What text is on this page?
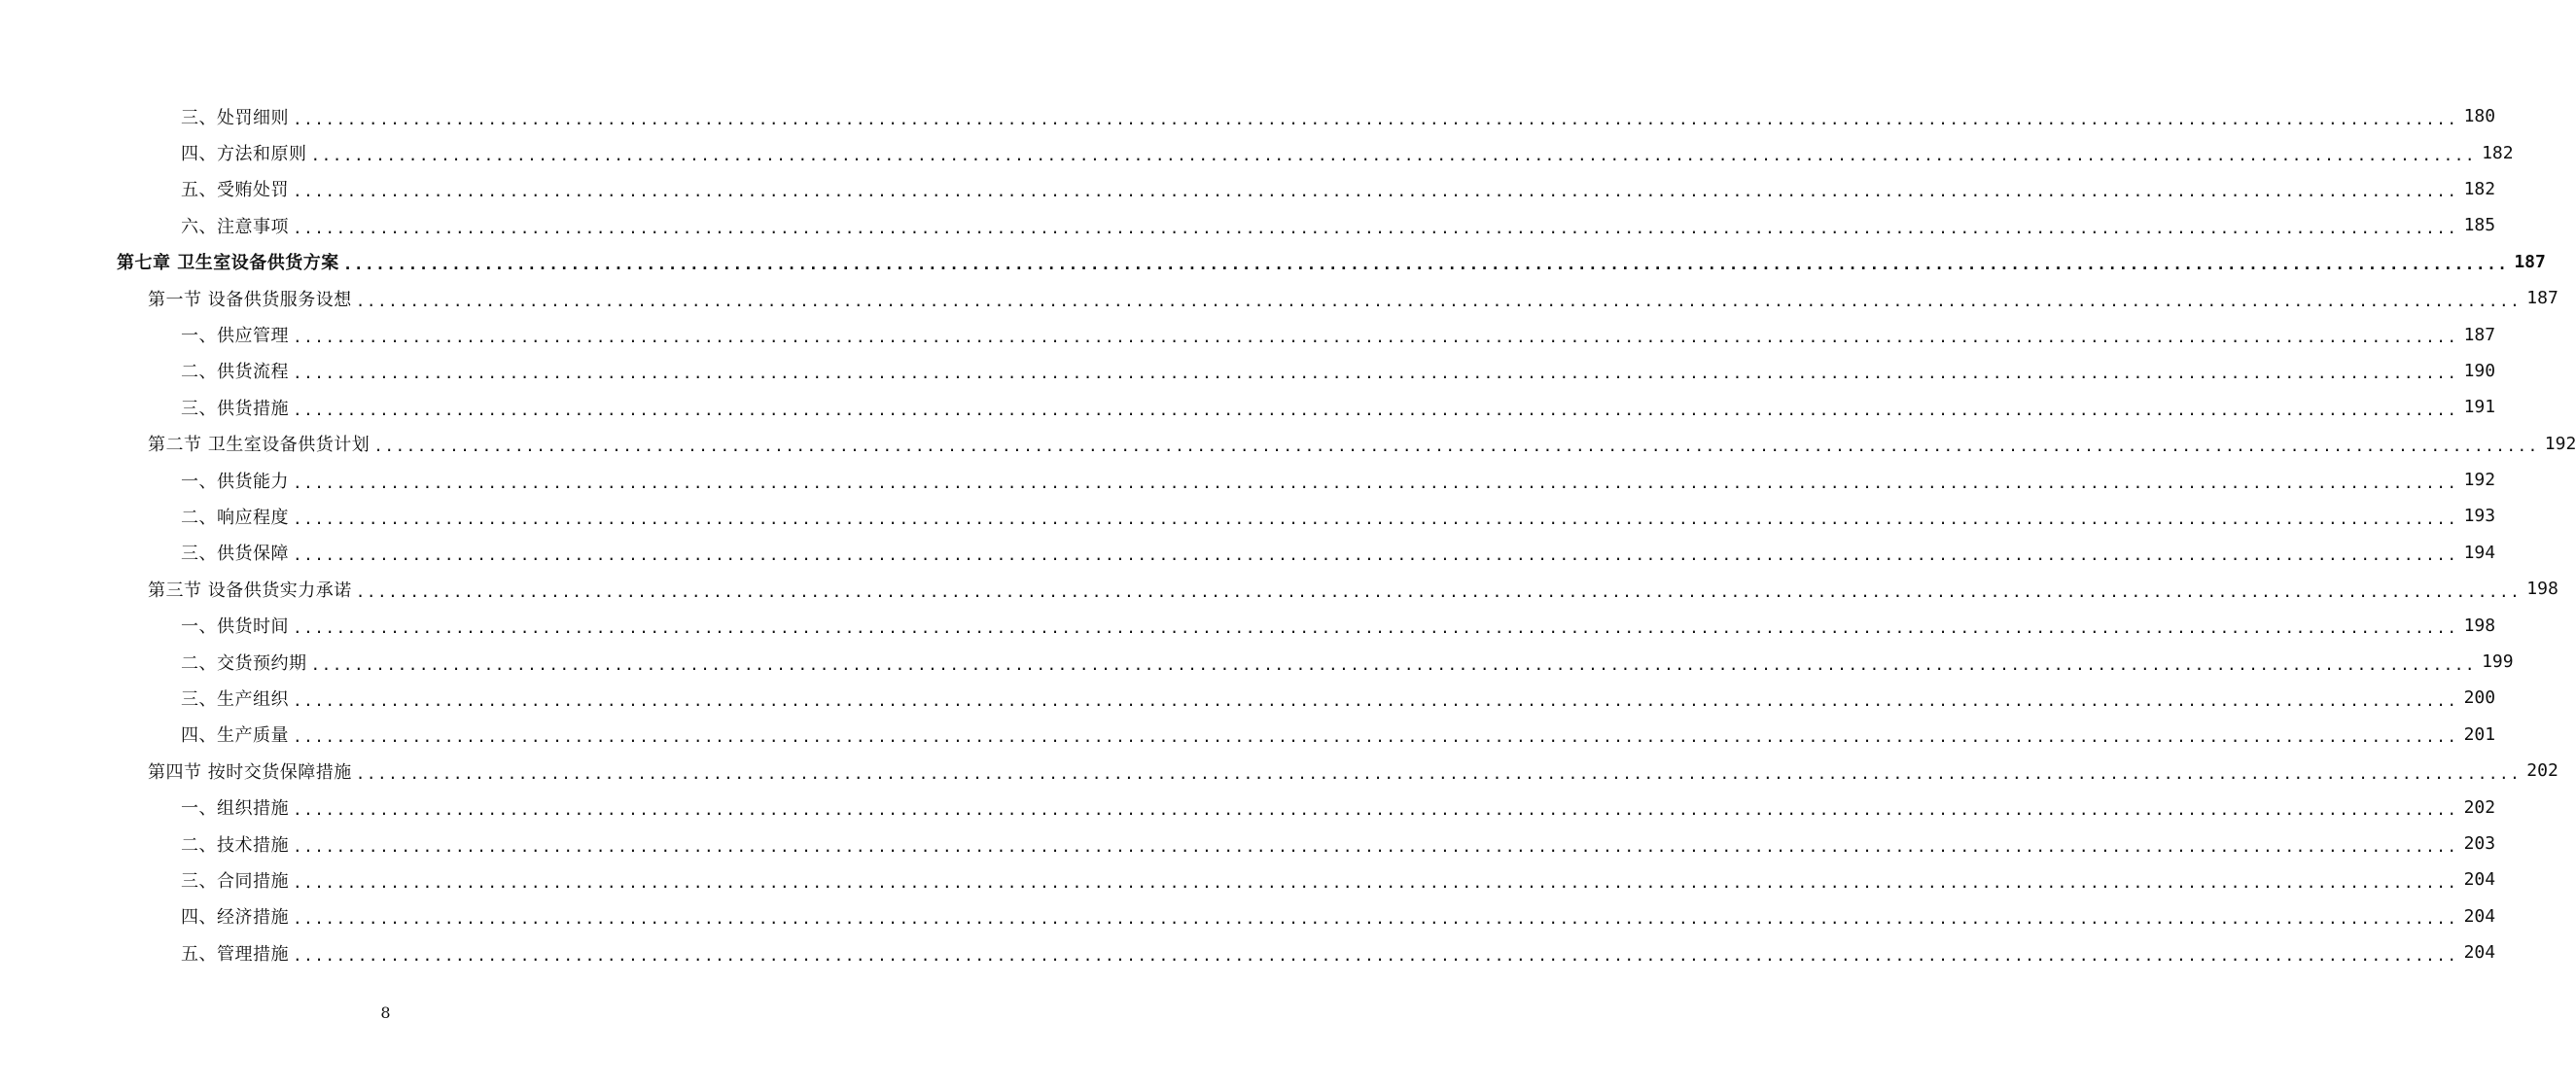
三、处罚细则 ........................................................................................................................................................................................................ 180
四、方法和原则 ........................................................................................................................................................................................................ 182
五、受贿处罚 ........................................................................................................................................................................................................ 182
六、注意事项 ........................................................................................................................................................................................................ 185
第七章 卫生室设备供货方案 ........................................................................................................................................................................................................ 187
第一节 设备供货服务设想 ........................................................................................................................................................................................................ 187
一、供应管理 ........................................................................................................................................................................................................ 187
二、供货流程 ........................................................................................................................................................................................................ 190
三、供货措施 ........................................................................................................................................................................................................ 191
第二节 卫生室设备供货计划 ........................................................................................................................................................................................................ 192
一、供货能力 ........................................................................................................................................................................................................ 192
二、响应程度 ........................................................................................................................................................................................................ 193
三、供货保障 ........................................................................................................................................................................................................ 194
第三节 设备供货实力承诺 ........................................................................................................................................................................................................ 198
一、供货时间 ........................................................................................................................................................................................................ 198
二、交货预约期 ........................................................................................................................................................................................................ 199
三、生产组织 ........................................................................................................................................................................................................ 200
四、生产质量 ........................................................................................................................................................................................................ 201
第四节 按时交货保障措施 ........................................................................................................................................................................................................ 202
一、组织措施 ........................................................................................................................................................................................................ 202
二、技术措施 ........................................................................................................................................................................................................ 203
三、合同措施 ........................................................................................................................................................................................................ 204
四、经济措施 ........................................................................................................................................................................................................ 204
五、管理措施 ........................................................................................................................................................................................................ 204
8
